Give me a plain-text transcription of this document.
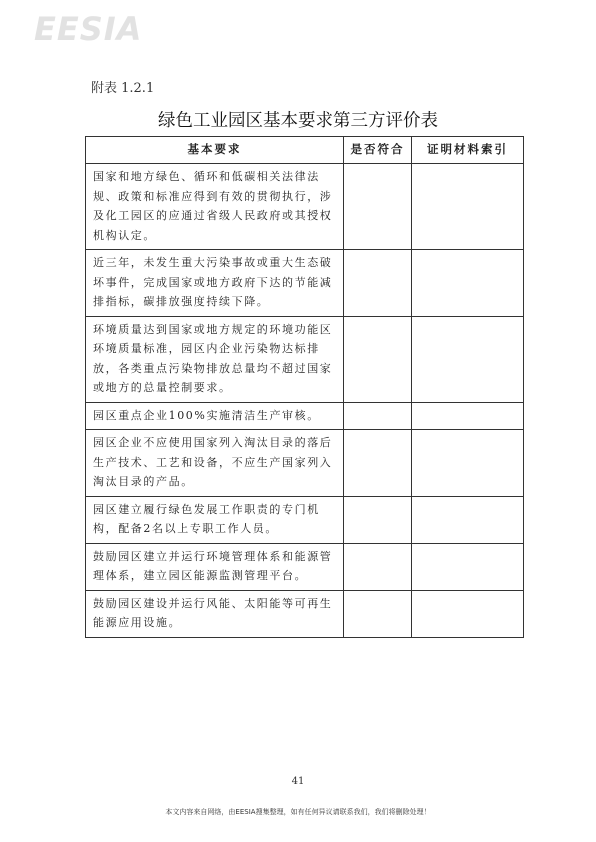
EESIA
附表 1.2.1
绿色工业园区基本要求第三方评价表
基本要求	是否符合	证明材料索引
国家和地方绿色、循环和低碳相关法律法规、政策和标准应得到有效的贯彻执行，涉及化工园区的应通过省级人民政府或其授权机构认定。		
近三年，未发生重大污染事故或重大生态破坏事件，完成国家或地方政府下达的节能减排指标，碳排放强度持续下降。		
环境质量达到国家或地方规定的环境功能区环境质量标准，园区内企业污染物达标排放，各类重点污染物排放总量均不超过国家或地方的总量控制要求。		
园区重点企业100%实施清洁生产审核。		
园区企业不应使用国家列入淘汰目录的落后生产技术、工艺和设备，不应生产国家列入淘汰目录的产品。		
园区建立履行绿色发展工作职责的专门机构，配备2名以上专职工作人员。		
鼓励园区建立并运行环境管理体系和能源管理体系，建立园区能源监测管理平台。		
鼓励园区建设并运行风能、太阳能等可再生能源应用设施。		
41
本文内容来自网络，由EESIA搜集整理，如有任何异议请联系我们，我们将删除处理！
